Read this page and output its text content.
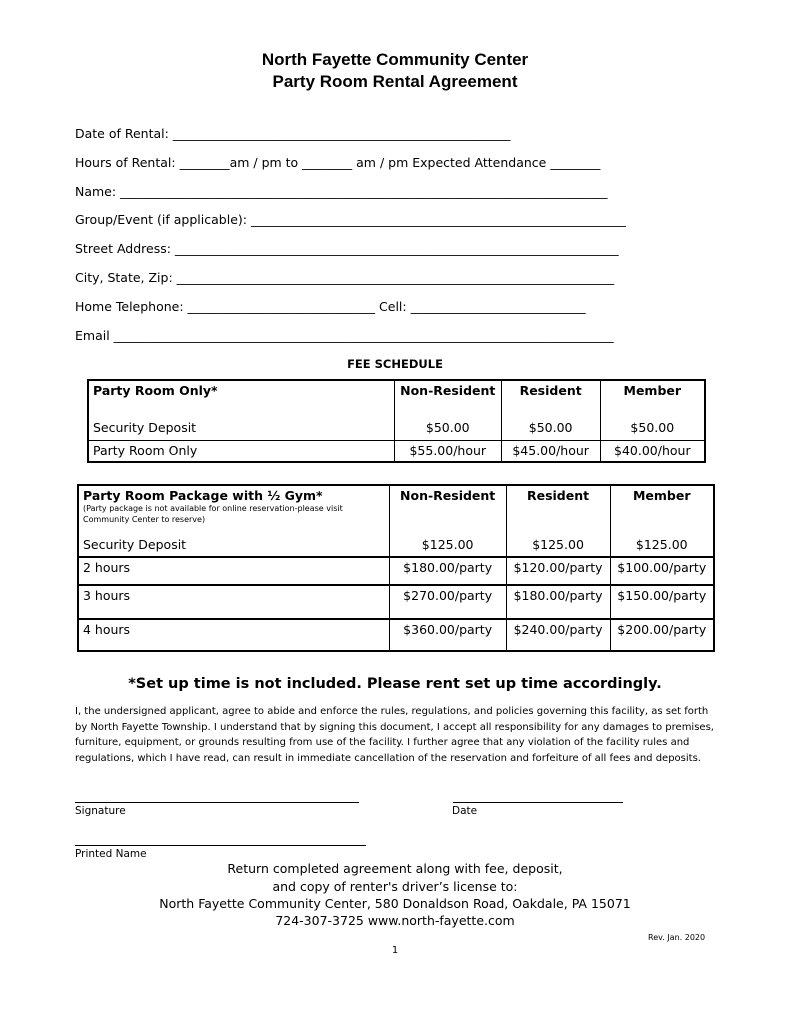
North Fayette Community Center
Party Room Rental Agreement
Date of Rental: ______________________________________________________
Hours of Rental: ________am / pm to ________ am / pm Expected Attendance ________
Name: ______________________________________________________________________________
Group/Event (if applicable): ____________________________________________________________
Street Address: _______________________________________________________________________
City, State, Zip: ______________________________________________________________________
Home Telephone: ______________________________ Cell: ____________________________
Email ________________________________________________________________________________
FEE SCHEDULE
Party Room Only*	Non-Resident	Resident	Member
Security Deposit	$50.00	$50.00	$50.00
Party Room Only	$55.00/hour	$45.00/hour	$40.00/hour
Party Room Package with ½ Gym*
(Party package is not available for online reservation-please visit Community Center to reserve)	Non-Resident	Resident	Member
Security Deposit	$125.00	$125.00	$125.00
2 hours	$180.00/party	$120.00/party	$100.00/party
3 hours	$270.00/party	$180.00/party	$150.00/party
4 hours	$360.00/party	$240.00/party	$200.00/party
*Set up time is not included. Please rent set up time accordingly.
I, the undersigned applicant, agree to abide and enforce the rules, regulations, and policies governing this facility, as set forth by North Fayette Township. I understand that by signing this document, I accept all responsibility for any damages to premises, furniture, equipment, or grounds resulting from use of the facility. I further agree that any violation of the facility rules and regulations, which I have read, can result in immediate cancellation of the reservation and forfeiture of all fees and deposits.
Signature	Date
Printed Name
Return completed agreement along with fee, deposit,
and copy of renter's driver’s license to:
North Fayette Community Center, 580 Donaldson Road, Oakdale, PA 15071
724-307-3725 www.north-fayette.com
Rev. Jan. 2020
1
